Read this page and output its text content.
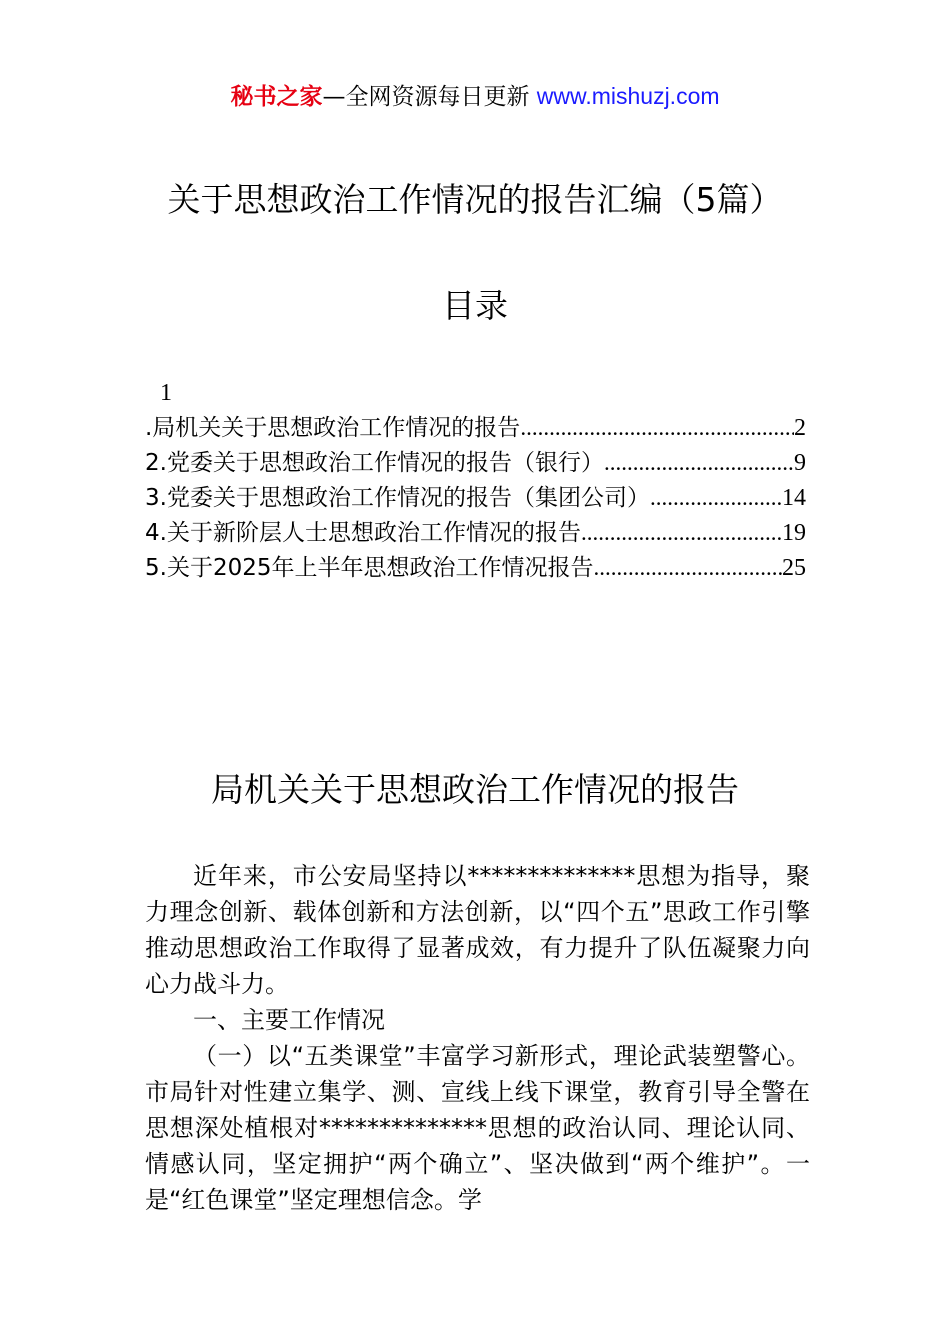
秘书之家—全网资源每日更新 www.mishuzj.com
关于思想政治工作情况的报告汇编（5篇）
目录
1
.局机关关于思想政治工作情况的报告 .....	2
2.党委关于思想政治工作情况的报告（银行） .....	9
3.党委关于思想政治工作情况的报告（集团公司） .....	14
4.关于新阶层人士思想政治工作情况的报告 .....	19
5.关于2025年上半年思想政治工作情况报告 .....	25
局机关关于思想政治工作情况的报告

近年来，市公安局坚持以**************思想为指导，聚力理念创新、载体创新和方法创新，以“四个五”思政工作引擎推动思想政治工作取得了显著成效，有力提升了队伍凝聚力向心力战斗力。

一、主要工作情况

（一）以“五类课堂”丰富学习新形式，理论武装塑警心。市局针对性建立集学、测、宣线上线下课堂，教育引导全警在思想深处植根对**************思想的政治认同、理论认同、情感认同，坚定拥护“两个确立”、坚决做到“两个维护”。一是“红色课堂”坚定理想信念。学
